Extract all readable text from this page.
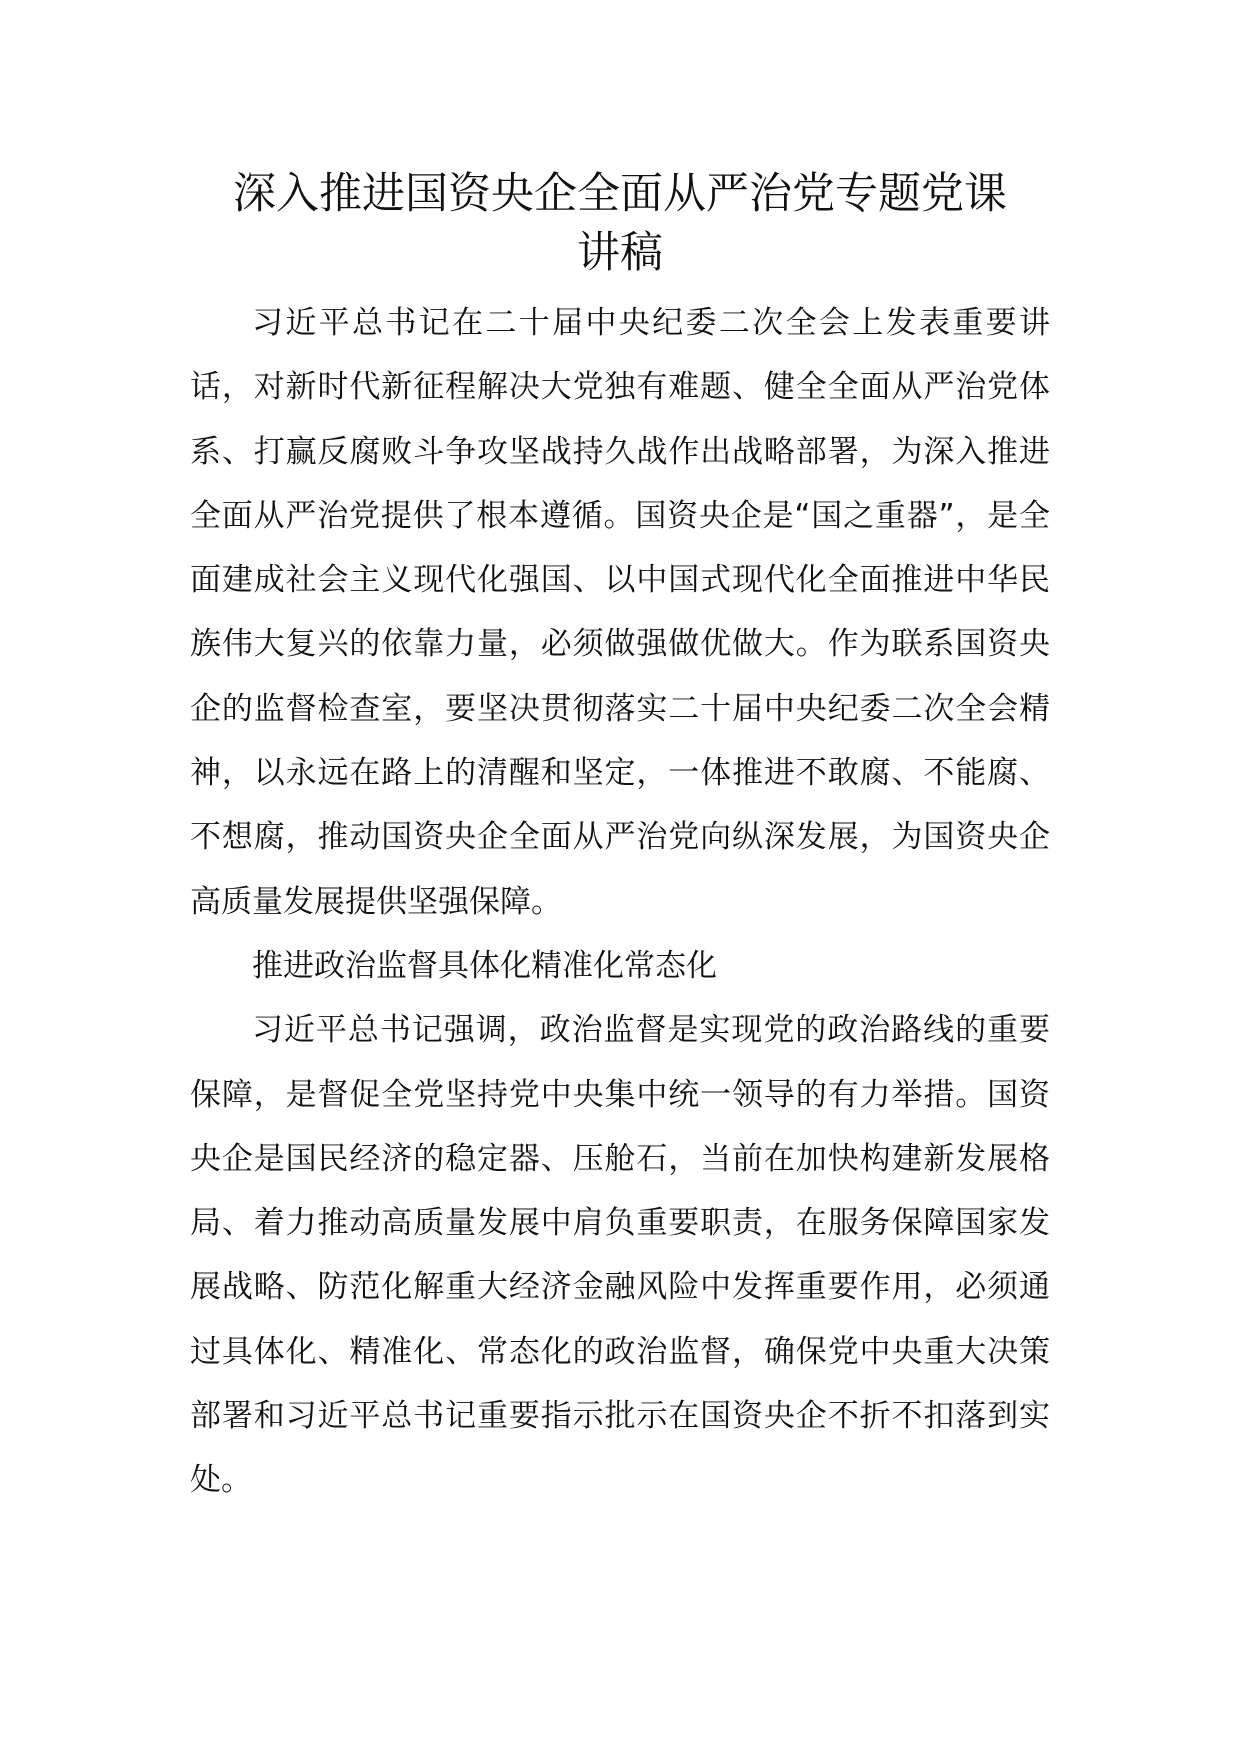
深入推进国资央企全面从严治党专题党课
讲稿

习近平总书记在二十届中央纪委二次全会上发表重要讲话，对新时代新征程解决大党独有难题、健全全面从严治党体系、打赢反腐败斗争攻坚战持久战作出战略部署，为深入推进全面从严治党提供了根本遵循。国资央企是“国之重器”，是全面建成社会主义现代化强国、以中国式现代化全面推进中华民族伟大复兴的依靠力量，必须做强做优做大。作为联系国资央企的监督检查室，要坚决贯彻落实二十届中央纪委二次全会精神，以永远在路上的清醒和坚定，一体推进不敢腐、不能腐、不想腐，推动国资央企全面从严治党向纵深发展，为国资央企高质量发展提供坚强保障。

推进政治监督具体化精准化常态化

习近平总书记强调，政治监督是实现党的政治路线的重要保障，是督促全党坚持党中央集中统一领导的有力举措。国资央企是国民经济的稳定器、压舱石，当前在加快构建新发展格局、着力推动高质量发展中肩负重要职责，在服务保障国家发展战略、防范化解重大经济金融风险中发挥重要作用，必须通过具体化、精准化、常态化的政治监督，确保党中央重大决策部署和习近平总书记重要指示批示在国资央企不折不扣落到实处。
